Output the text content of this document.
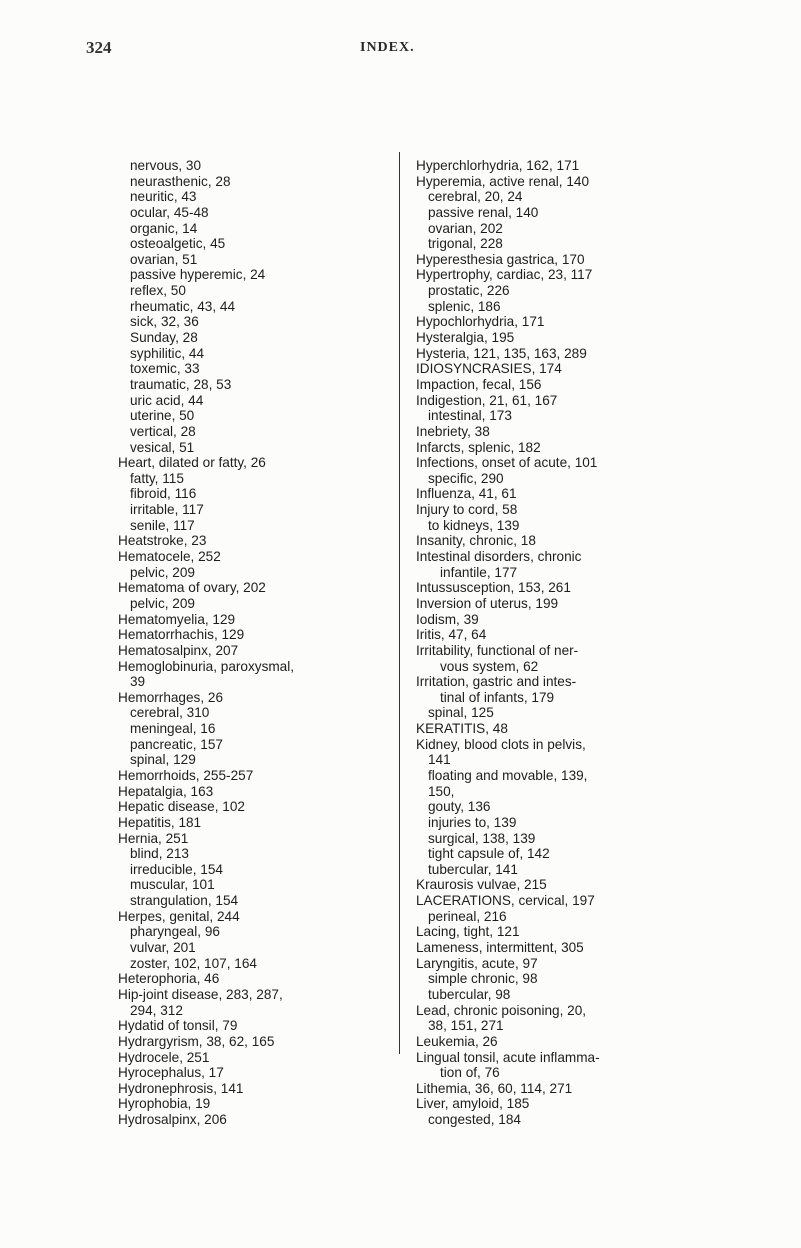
324	INDEX.
nervous, 30
neurasthenic, 28
neuritic, 43
ocular, 45-48
organic, 14
osteoalgetic, 45
ovarian, 51
passive hyperemic, 24
reflex, 50
rheumatic, 43, 44
sick, 32, 36
Sunday, 28
syphilitic, 44
toxemic, 33
traumatic, 28, 53
uric acid, 44
uterine, 50
vertical, 28
vesical, 51
Heart, dilated or fatty, 26
fatty, 115
fibroid, 116
irritable, 117
senile, 117
Heatstroke, 23
Hematocele, 252
pelvic, 209
Hematoma of ovary, 202
pelvic, 209
Hematomyelia, 129
Hematorrhachis, 129
Hematosalpinx, 207
Hemoglobinuria, paroxysmal,
39
Hemorrhages, 26
cerebral, 310
meningeal, 16
pancreatic, 157
spinal, 129
Hemorrhoids, 255-257
Hepatalgia, 163
Hepatic disease, 102
Hepatitis, 181
Hernia, 251
blind, 213
irreducible, 154
muscular, 101
strangulation, 154
Herpes, genital, 244
pharyngeal, 96
vulvar, 201
zoster, 102, 107, 164
Heterophoria, 46
Hip-joint disease, 283, 287,
294, 312
Hydatid of tonsil, 79
Hydrargyrism, 38, 62, 165
Hydrocele, 251
Hyrocephalus, 17
Hydronephrosis, 141
Hyrophobia, 19
Hydrosalpinx, 206
Hyperchlorhydria, 162, 171
Hyperemia, active renal, 140
cerebral, 20, 24
passive renal, 140
ovarian, 202
trigonal, 228
Hyperesthesia gastrica, 170
Hypertrophy, cardiac, 23, 117
prostatic, 226
splenic, 186
Hypochlorhydria, 171
Hysteralgia, 195
Hysteria, 121, 135, 163, 289
IDIOSYNCRASIES, 174
Impaction, fecal, 156
Indigestion, 21, 61, 167
intestinal, 173
Inebriety, 38
Infarcts, splenic, 182
Infections, onset of acute, 101
specific, 290
Influenza, 41, 61
Injury to cord, 58
to kidneys, 139
Insanity, chronic, 18
Intestinal disorders, chronic
infantile, 177
Intussusception, 153, 261
Inversion of uterus, 199
Iodism, 39
Iritis, 47, 64
Irritability, functional of ner-
vous system, 62
Irritation, gastric and intes-
tinal of infants, 179
spinal, 125
KERATITIS, 48
Kidney, blood clots in pelvis,
141
floating and movable, 139,
150,
gouty, 136
injuries to, 139
surgical, 138, 139
tight capsule of, 142
tubercular, 141
Kraurosis vulvae, 215
LACERATIONS, cervical, 197
perineal, 216
Lacing, tight, 121
Lameness, intermittent, 305
Laryngitis, acute, 97
simple chronic, 98
tubercular, 98
Lead, chronic poisoning, 20,
38, 151, 271
Leukemia, 26
Lingual tonsil, acute inflamma-
tion of, 76
Lithemia, 36, 60, 114, 271
Liver, amyloid, 185
congested, 184
